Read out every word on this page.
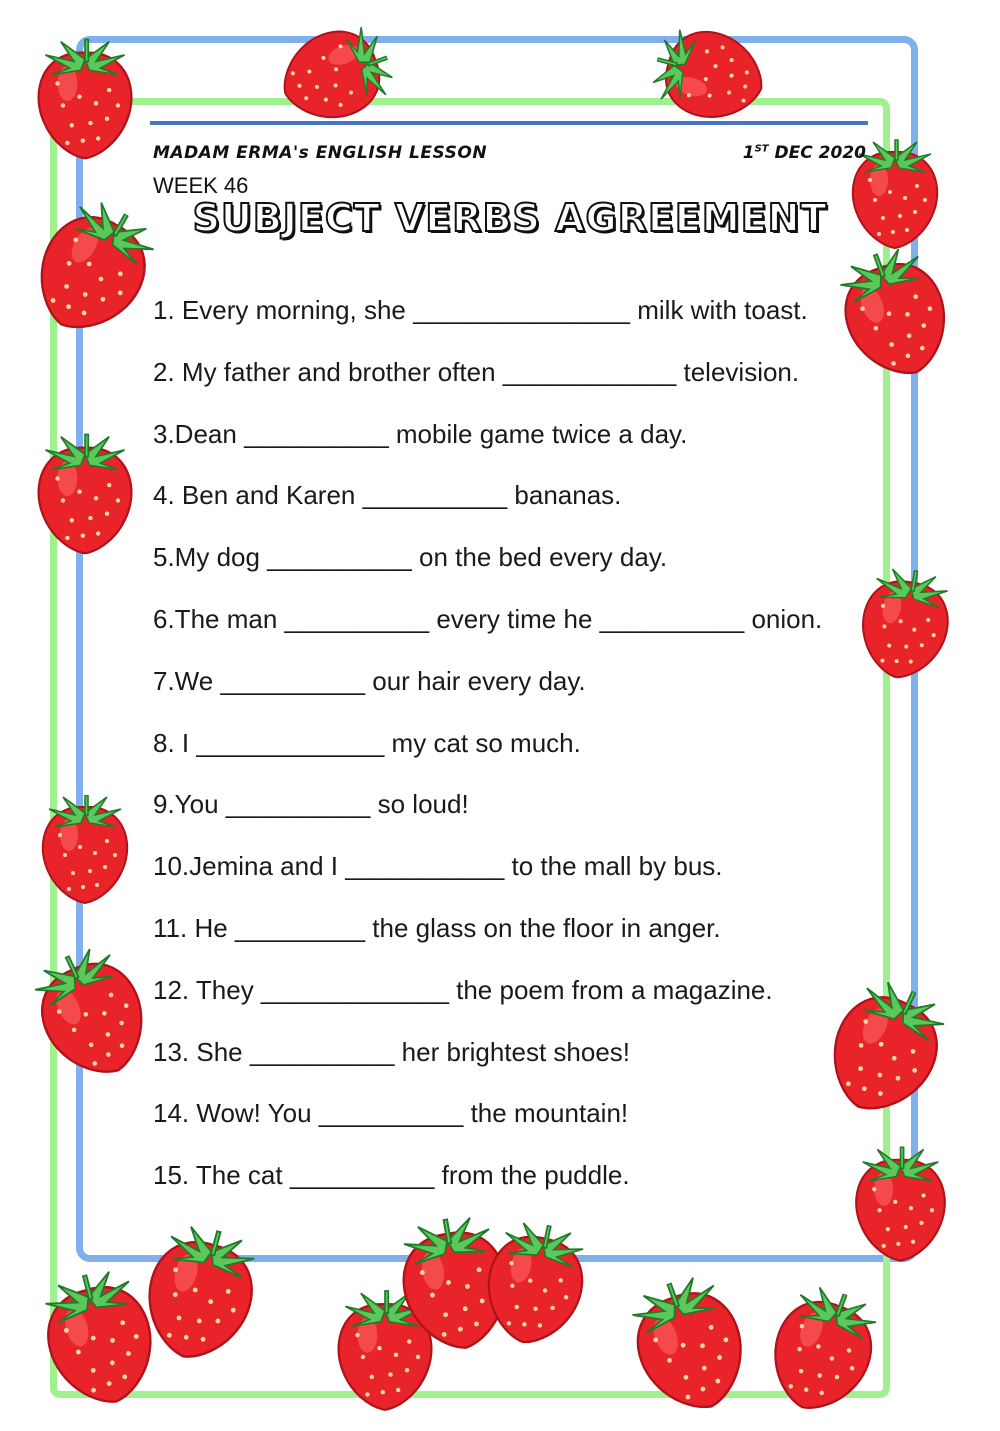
MADAM ERMA's ENGLISH LESSON	1ST DEC 2020
WEEK 46
SUBJECT VERBS AGREEMENT
1. Every morning, she _______________ milk with toast.
2. My father and brother often ____________ television.
3.Dean __________ mobile game twice a day.
4. Ben and Karen __________ bananas.
5.My dog __________ on the bed every day.
6.The man __________ every time he __________ onion.
7.We __________ our hair every day.
8. I _____________ my cat so much.
9.You __________ so loud!
10.Jemina and I ___________ to the mall by bus.
11. He _________ the glass on the floor in anger.
12. They _____________ the poem from a magazine.
13. She __________ her brightest shoes!
14. Wow! You __________ the mountain!
15. The cat __________ from the puddle.
